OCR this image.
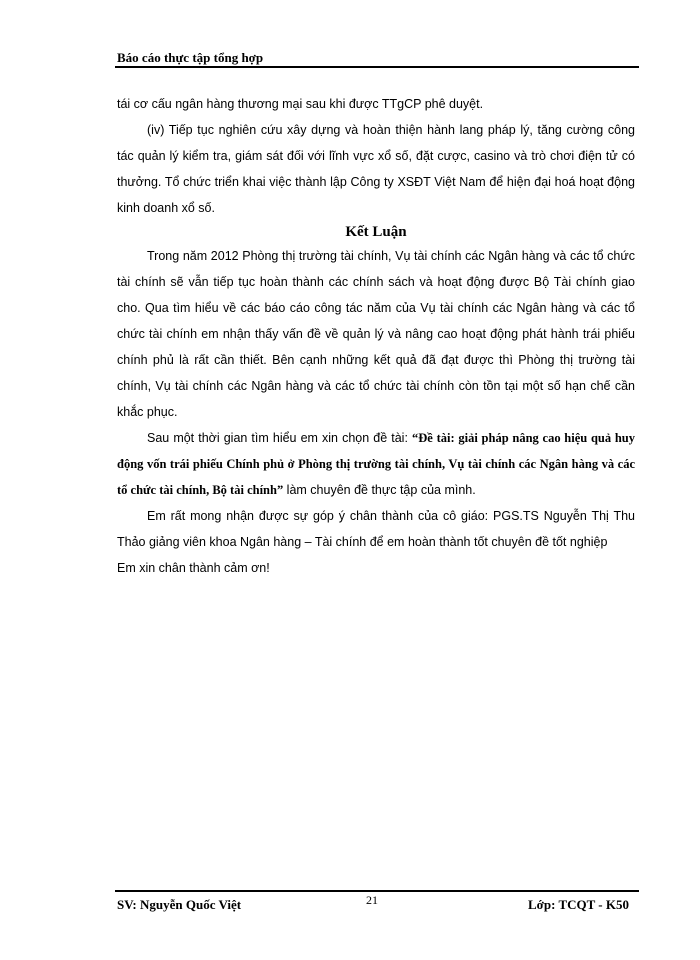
Báo cáo thực tập tổng hợp

tái cơ cấu ngân hàng thương mại sau khi được TTgCP phê duyệt.

(iv) Tiếp tục nghiên cứu xây dựng và hoàn thiện hành lang pháp lý, tăng cường công tác quản lý kiểm tra, giám sát đối với lĩnh vực xổ số, đặt cược, casino và trò chơi điện tử có thưởng. Tổ chức triển khai việc thành lập Công ty XSĐT Việt Nam để hiện đại hoá hoạt động kinh doanh xổ số.

Kết Luận

Trong năm 2012 Phòng thị trường tài chính, Vụ tài chính các Ngân hàng và các tổ chức tài chính sẽ vẫn tiếp tục hoàn thành các chính sách và hoạt động được Bộ Tài chính giao cho. Qua tìm hiểu về các báo cáo công tác năm của Vụ tài chính các Ngân hàng và các tổ chức tài chính em nhận thấy vấn đề về quản lý và nâng cao hoạt động phát hành trái phiếu chính phủ là rất cần thiết. Bên cạnh những kết quả đã đạt được thì Phòng thị trường tài chính, Vụ tài chính các Ngân hàng và các tổ chức tài chính còn tồn tại một số hạn chế cần khắc phục.

Sau một thời gian tìm hiểu em xin chọn đề tài: “Đề tài: giải pháp nâng cao hiệu quả huy động vốn trái phiếu Chính phủ ở Phòng thị trường tài chính, Vụ tài chính các Ngân hàng và các tổ chức tài chính, Bộ tài chính” làm chuyên đề thực tập của mình.

Em rất mong nhận được sự góp ý chân thành của cô giáo: PGS.TS Nguyễn Thị Thu Thảo giảng viên khoa Ngân hàng – Tài chính để em hoàn thành tốt chuyên đề tốt nghiệp

Em xin chân thành cảm ơn!

SV: Nguyễn Quốc Việt	21	Lớp: TCQT - K50
